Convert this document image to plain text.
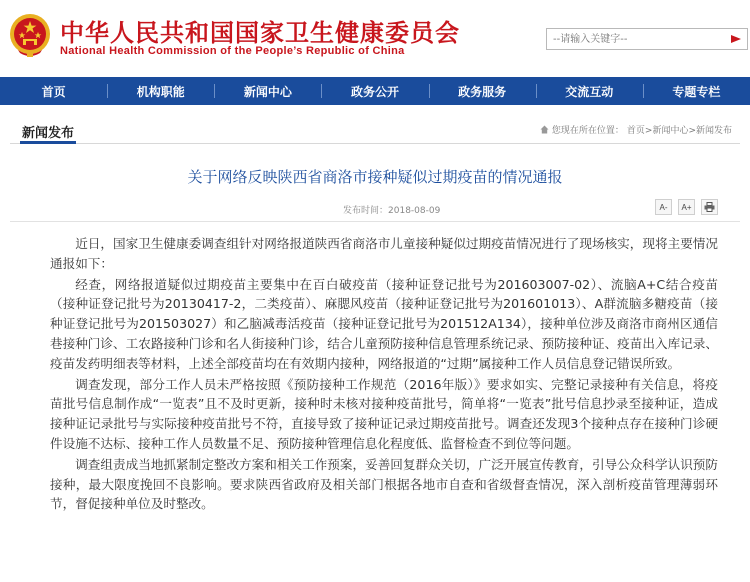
中华人民共和国国家卫生健康委员会
National Health Commission of the People’s Republic of China
--请输入关键字--
首页	机构职能	新闻中心	政务公开	政务服务	交流互动	专题专栏
新闻发布	您现在所在位置： 首页>新闻中心>新闻发布
关于网络反映陕西省商洛市接种疑似过期疫苗的情况通报
发布时间：2018-08-09	A-	A+

近日，国家卫生健康委调查组针对网络报道陕西省商洛市儿童接种疑似过期疫苗情况进行了现场核实，现将主要情况通报如下：

经查，网络报道疑似过期疫苗主要集中在百白破疫苗（接种证登记批号为201603007-02）、流脑A+C结合疫苗（接种证登记批号为20130417-2，二类疫苗）、麻腮风疫苗（接种证登记批号为201601013）、A群流脑多糖疫苗（接种证登记批号为201503027）和乙脑减毒活疫苗（接种证登记批号为201512A134），接种单位涉及商洛市商州区通信巷接种门诊、工农路接种门诊和名人街接种门诊，结合儿童预防接种信息管理系统记录、预防接种证、疫苗出入库记录、疫苗发药明细表等材料，上述全部疫苗均在有效期内接种，网络报道的“过期”属接种工作人员信息登记错误所致。

调查发现，部分工作人员未严格按照《预防接种工作规范（2016年版）》要求如实、完整记录接种有关信息，将疫苗批号信息制作成“一览表”且不及时更新，接种时未核对接种疫苗批号，简单将“一览表”批号信息抄录至接种证，造成接种证记录批号与实际接种疫苗批号不符，直接导致了接种证记录过期疫苗批号。调查还发现3个接种点存在接种门诊硬件设施不达标、接种工作人员数量不足、预防接种管理信息化程度低、监督检查不到位等问题。

调查组责成当地抓紧制定整改方案和相关工作预案，妥善回复群众关切，广泛开展宣传教育，引导公众科学认识预防接种，最大限度挽回不良影响。要求陕西省政府及相关部门根据各地市自查和省级督查情况，深入剖析疫苗管理薄弱环节，督促接种单位及时整改。
